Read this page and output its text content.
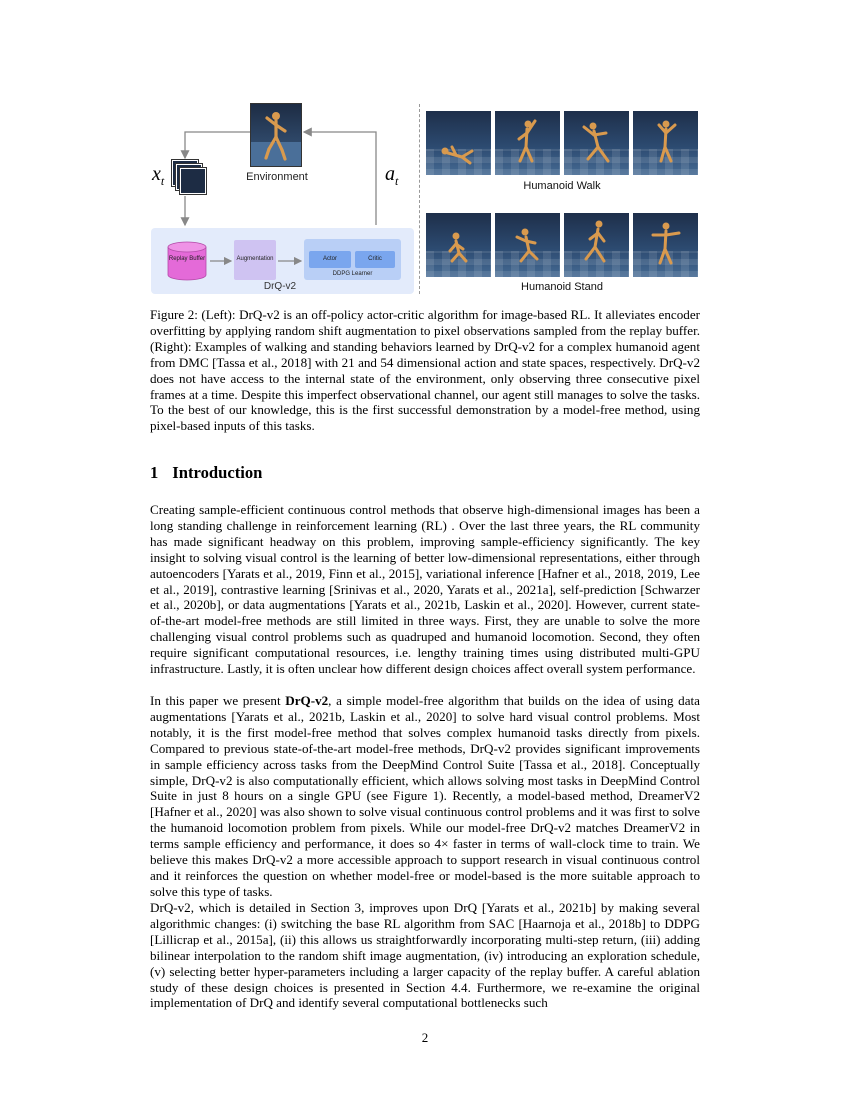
Environment
$x_t$	$a_t$
Replay Buffer	Augmentation	Actor	Critic
DDPG Learner
DrQ-v2
Humanoid Walk
Humanoid Stand
Figure 2: (Left): DrQ-v2 is an off-policy actor-critic algorithm for image-based RL. It alleviates encoder overfitting by applying random shift augmentation to pixel observations sampled from the replay buffer. (Right): Examples of walking and standing behaviors learned by DrQ-v2 for a complex humanoid agent from DMC [Tassa et al., 2018] with 21 and 54 dimensional action and state spaces, respectively. DrQ-v2 does not have access to the internal state of the environment, only observing three consecutive pixel frames at a time. Despite this imperfect observational channel, our agent still manages to solve the tasks. To the best of our knowledge, this is the first successful demonstration by a model-free method, using pixel-based inputs of this tasks.
1 Introduction

Creating sample-efficient continuous control methods that observe high-dimensional images has been a long standing challenge in reinforcement learning (RL) . Over the last three years, the RL community has made significant headway on this problem, improving sample-efficiency significantly. The key insight to solving visual control is the learning of better low-dimensional representations, either through autoencoders [Yarats et al., 2019, Finn et al., 2015], variational inference [Hafner et al., 2018, 2019, Lee et al., 2019], contrastive learning [Srinivas et al., 2020, Yarats et al., 2021a], self-prediction [Schwarzer et al., 2020b], or data augmentations [Yarats et al., 2021b, Laskin et al., 2020]. However, current state-of-the-art model-free methods are still limited in three ways. First, they are unable to solve the more challenging visual control problems such as quadruped and humanoid locomotion. Second, they often require significant computational resources, i.e. lengthy training times using distributed multi-GPU infrastructure. Lastly, it is often unclear how different design choices affect overall system performance.

In this paper we present DrQ-v2, a simple model-free algorithm that builds on the idea of using data augmentations [Yarats et al., 2021b, Laskin et al., 2020] to solve hard visual control problems. Most notably, it is the first model-free method that solves complex humanoid tasks directly from pixels. Compared to previous state-of-the-art model-free methods, DrQ-v2 provides significant improvements in sample efficiency across tasks from the DeepMind Control Suite [Tassa et al., 2018]. Conceptually simple, DrQ-v2 is also computationally efficient, which allows solving most tasks in DeepMind Control Suite in just 8 hours on a single GPU (see Figure 1). Recently, a model-based method, DreamerV2 [Hafner et al., 2020] was also shown to solve visual continuous control problems and it was first to solve the humanoid locomotion problem from pixels. While our model-free DrQ-v2 matches DreamerV2 in terms sample efficiency and performance, it does so 4× faster in terms of wall-clock time to train. We believe this makes DrQ-v2 a more accessible approach to support research in visual continuous control and it reinforces the question on whether model-free or model-based is the more suitable approach to solve this type of tasks.

DrQ-v2, which is detailed in Section 3, improves upon DrQ [Yarats et al., 2021b] by making several algorithmic changes: (i) switching the base RL algorithm from SAC [Haarnoja et al., 2018b] to DDPG [Lillicrap et al., 2015a], (ii) this allows us straightforwardly incorporating multi-step return, (iii) adding bilinear interpolation to the random shift image augmentation, (iv) introducing an exploration schedule, (v) selecting better hyper-parameters including a larger capacity of the replay buffer. A careful ablation study of these design choices is presented in Section 4.4. Furthermore, we re-examine the original implementation of DrQ and identify several computational bottlenecks such

2
